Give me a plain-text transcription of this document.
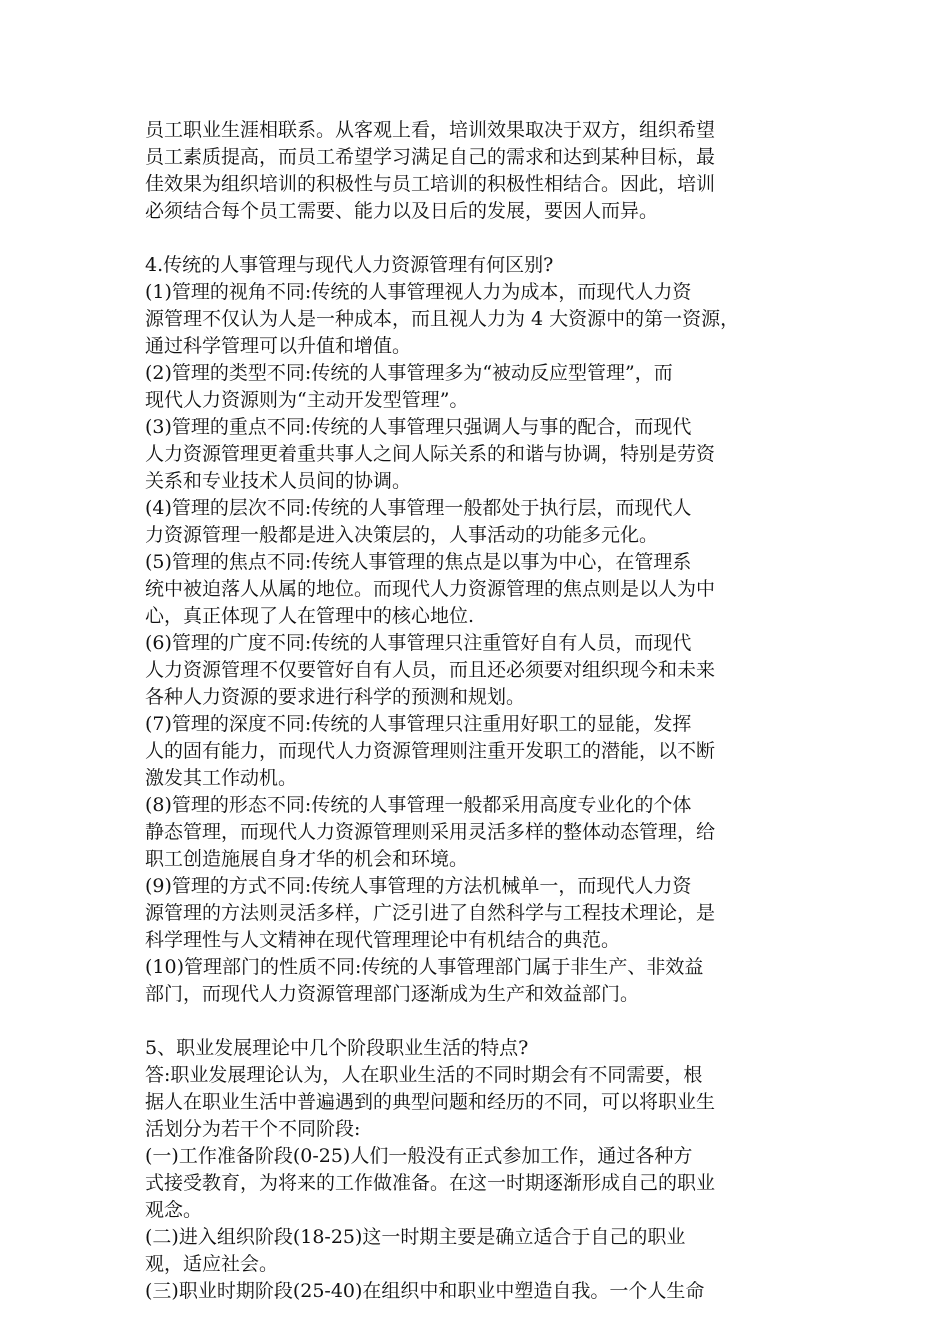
员工职业生涯相联系。从客观上看，培训效果取决于双方，组织希望
员工素质提高，而员工希望学习满足自己的需求和达到某种目标，最
佳效果为组织培训的积极性与员工培训的积极性相结合。因此，培训
必须结合每个员工需要、能力以及日后的发展，要因人而异。

4.传统的人事管理与现代人力资源管理有何区别?

(1)管理的视角不同:传统的人事管理视人力为成本，而现代人力资
源管理不仅认为人是一种成本，而且视人力为 4 大资源中的第一资源，
通过科学管理可以升值和增值。

(2)管理的类型不同:传统的人事管理多为“被动反应型管理”，而
现代人力资源则为“主动开发型管理”。

(3)管理的重点不同:传统的人事管理只强调人与事的配合，而现代
人力资源管理更着重共事人之间人际关系的和谐与协调，特别是劳资
关系和专业技术人员间的协调。

(4)管理的层次不同:传统的人事管理一般都处于执行层，而现代人
力资源管理一般都是进入决策层的，人事活动的功能多元化。

(5)管理的焦点不同:传统人事管理的焦点是以事为中心，在管理系
统中被迫落人从属的地位。而现代人力资源管理的焦点则是以人为中
心，真正体现了人在管理中的核心地位.

(6)管理的广度不同:传统的人事管理只注重管好自有人员，而现代
人力资源管理不仅要管好自有人员，而且还必须要对组织现今和未来
各种人力资源的要求进行科学的预测和规划。

(7)管理的深度不同:传统的人事管理只注重用好职工的显能，发挥
人的固有能力，而现代人力资源管理则注重开发职工的潜能，以不断
激发其工作动机。

(8)管理的形态不同:传统的人事管理一般都采用高度专业化的个体
静态管理，而现代人力资源管理则采用灵活多样的整体动态管理，给
职工创造施展自身才华的机会和环境。

(9)管理的方式不同:传统人事管理的方法机械单一，而现代人力资
源管理的方法则灵活多样，广泛引进了自然科学与工程技术理论，是
科学理性与人文精神在现代管理理论中有机结合的典范。

(10)管理部门的性质不同:传统的人事管理部门属于非生产、非效益
部门，而现代人力资源管理部门逐渐成为生产和效益部门。

5、职业发展理论中几个阶段职业生活的特点?

答:职业发展理论认为，人在职业生活的不同时期会有不同需要，根
据人在职业生活中普遍遇到的典型问题和经历的不同，可以将职业生
活划分为若干个不同阶段:

(一)工作准备阶段(0-25)人们一般没有正式参加工作，通过各种方
式接受教育，为将来的工作做准备。在这一时期逐渐形成自己的职业
观念。

(二)进入组织阶段(18-25)这一时期主要是确立适合于自己的职业
观，适应社会。

(三)职业时期阶段(25-40)在组织中和职业中塑造自我。一个人生命
